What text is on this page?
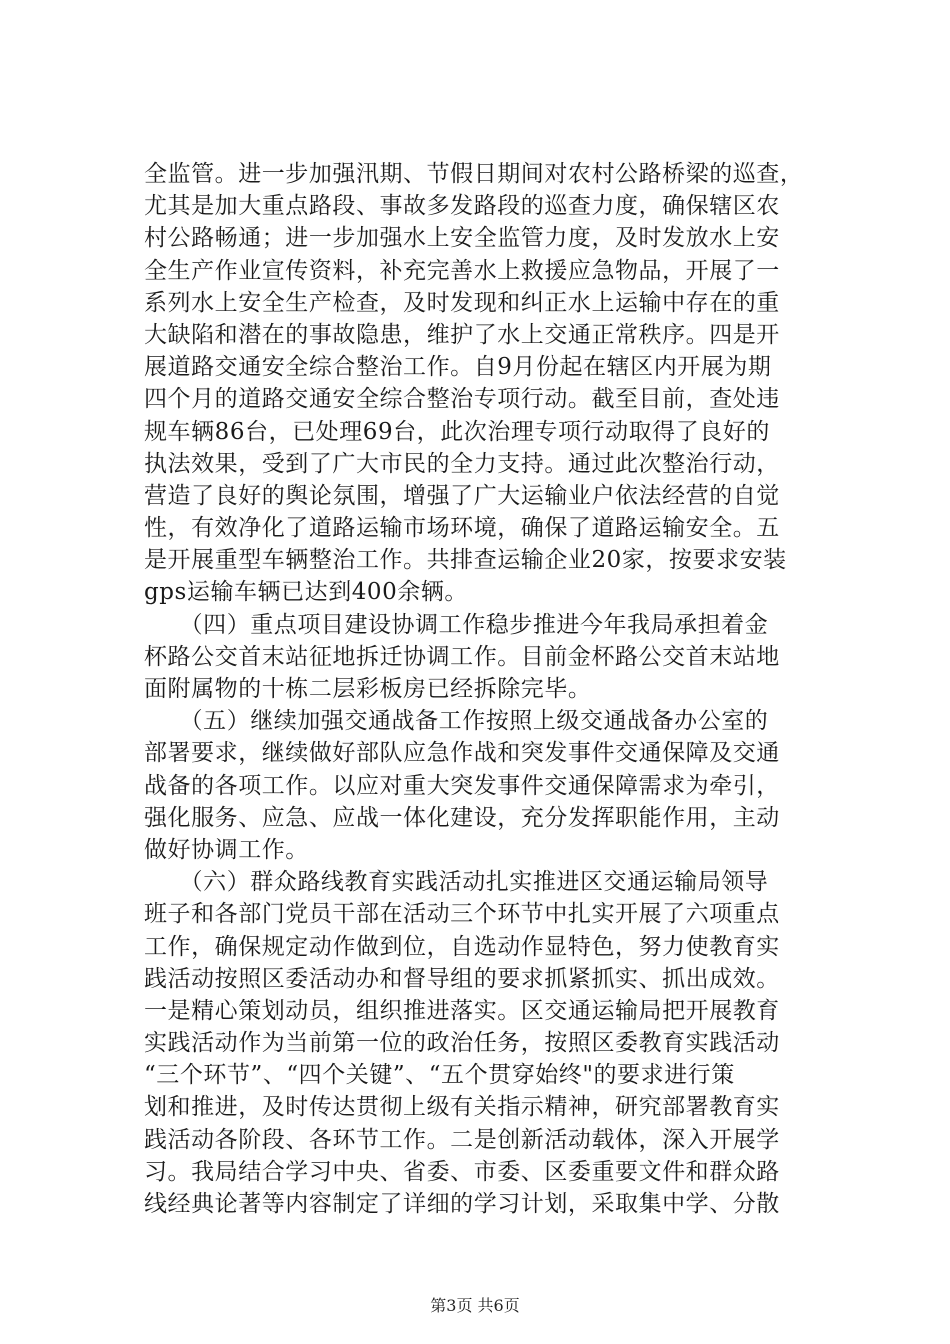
全监管。进一步加强汛期、节假日期间对农村公路桥梁的巡查，
尤其是加大重点路段、事故多发路段的巡查力度，确保辖区农
村公路畅通；进一步加强水上安全监管力度，及时发放水上安
全生产作业宣传资料，补充完善水上救援应急物品，开展了一
系列水上安全生产检查，及时发现和纠正水上运输中存在的重
大缺陷和潜在的事故隐患，维护了水上交通正常秩序。四是开
展道路交通安全综合整治工作。自9月份起在辖区内开展为期
四个月的道路交通安全综合整治专项行动。截至目前，查处违
规车辆86台，已处理69台，此次治理专项行动取得了良好的
执法效果，受到了广大市民的全力支持。通过此次整治行动，
营造了良好的舆论氛围，增强了广大运输业户依法经营的自觉
性，有效净化了道路运输市场环境，确保了道路运输安全。五
是开展重型车辆整治工作。共排查运输企业20家，按要求安装
gps运输车辆已达到400余辆。
　　（四）重点项目建设协调工作稳步推进今年我局承担着金
杯路公交首末站征地拆迁协调工作。目前金杯路公交首末站地
面附属物的十栋二层彩板房已经拆除完毕。
　　（五）继续加强交通战备工作按照上级交通战备办公室的
部署要求，继续做好部队应急作战和突发事件交通保障及交通
战备的各项工作。以应对重大突发事件交通保障需求为牵引，
强化服务、应急、应战一体化建设，充分发挥职能作用，主动
做好协调工作。
　　（六）群众路线教育实践活动扎实推进区交通运输局领导
班子和各部门党员干部在活动三个环节中扎实开展了六项重点
工作，确保规定动作做到位，自选动作显特色，努力使教育实
践活动按照区委活动办和督导组的要求抓紧抓实、抓出成效。
一是精心策划动员，组织推进落实。区交通运输局把开展教育
实践活动作为当前第一位的政治任务，按照区委教育实践活动
“三个环节”、“四个关键”、“五个贯穿始终"的要求进行策
划和推进，及时传达贯彻上级有关指示精神，研究部署教育实
践活动各阶段、各环节工作。二是创新活动载体，深入开展学
习。我局结合学习中央、省委、市委、区委重要文件和群众路
线经典论著等内容制定了详细的学习计划，采取集中学、分散
第3页 共6页
